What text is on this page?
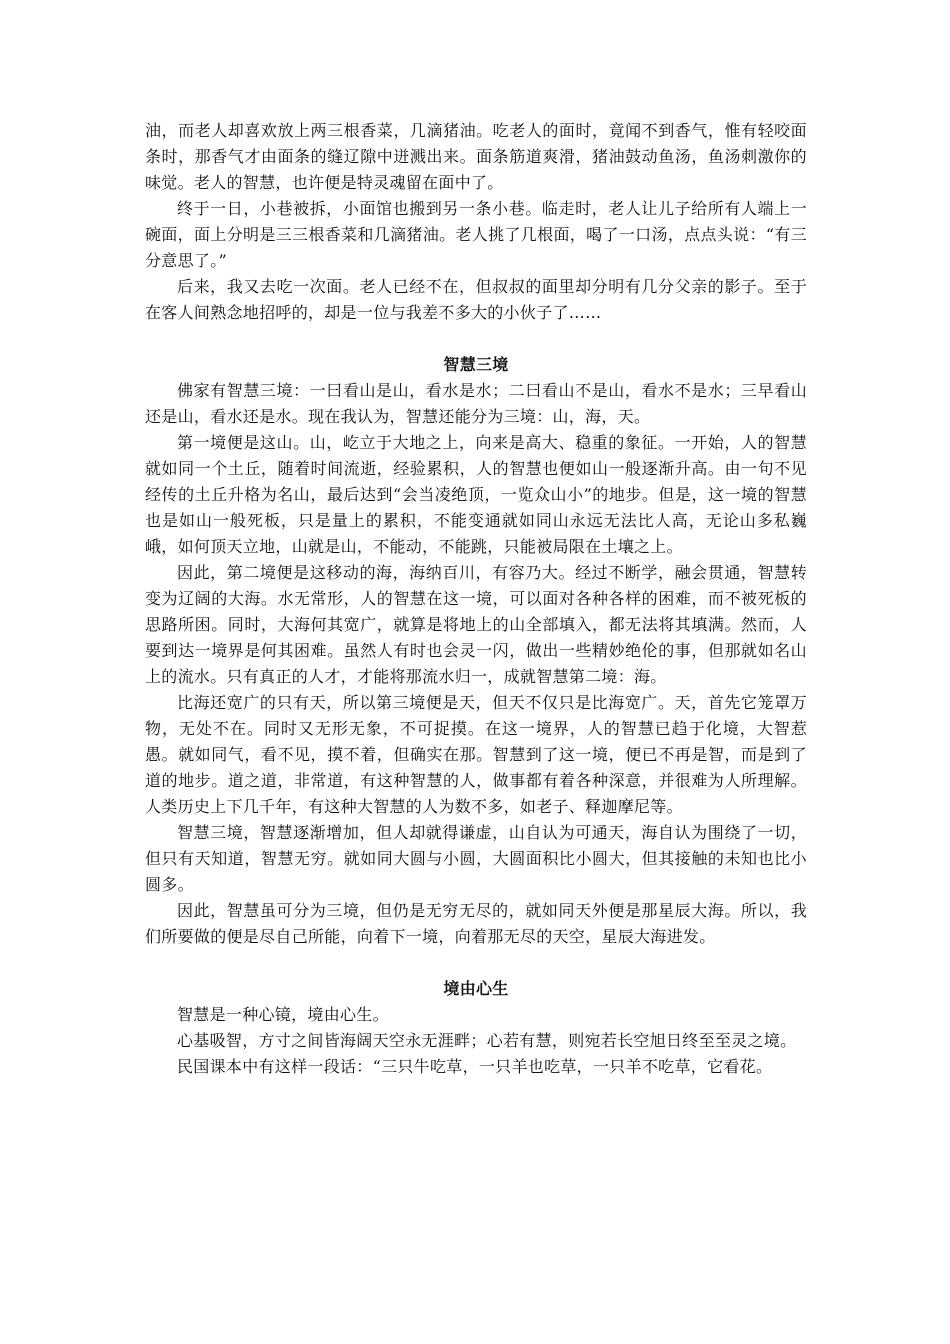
油，而老人却喜欢放上两三根香菜，几滴猪油。吃老人的面时，竟闻不到香气，惟有轻咬面条时，那香气才由面条的缝辽隙中迸溅出来。面条筋道爽滑，猪油鼓动鱼汤，鱼汤刺激你的味觉。老人的智慧，也许便是特灵魂留在面中了。

终于一日，小巷被拆，小面馆也搬到另一条小巷。临走时，老人让儿子给所有人端上一碗面，面上分明是三三根香菜和几滴猪油。老人挑了几根面，喝了一口汤，点点头说：“有三分意思了。”

后来，我又去吃一次面。老人已经不在，但叔叔的面里却分明有几分父亲的影子。至于在客人间熟念地招呼的，却是一位与我差不多大的小伙子了……

智慧三境

佛家有智慧三境：一曰看山是山，看水是水；二曰看山不是山，看水不是水；三早看山还是山，看水还是水。现在我认为，智慧还能分为三境：山，海，天。

第一境便是这山。山，屹立于大地之上，向来是高大、稳重的象征。一开始，人的智慧就如同一个土丘，随着时间流逝，经验累积，人的智慧也便如山一般逐渐升高。由一句不见经传的土丘升格为名山，最后达到“会当凌绝顶，一览众山小”的地步。但是，这一境的智慧也是如山一般死板，只是量上的累积，不能变通就如同山永远无法比人高，无论山多私巍峨，如何顶天立地，山就是山，不能动，不能跳，只能被局限在土壤之上。

因此，第二境便是这移动的海，海纳百川，有容乃大。经过不断学，融会贯通，智慧转变为辽阔的大海。水无常形，人的智慧在这一境，可以面对各种各样的困难，而不被死板的思路所困。同时，大海何其宽广，就算是将地上的山全部填入，都无法将其填满。然而，人要到达一境界是何其困难。虽然人有时也会灵一闪，做出一些精妙绝伦的事，但那就如名山上的流水。只有真正的人才，才能将那流水归一，成就智慧第二境：海。

比海还宽广的只有天，所以第三境便是天，但天不仅只是比海宽广。天，首先它笼罩万物，无处不在。同时又无形无象，不可捉摸。在这一境界，人的智慧已趋于化境，大智惹愚。就如同气，看不见，摸不着，但确实在那。智慧到了这一境，便已不再是智，而是到了道的地步。道之道，非常道，有这种智慧的人，做事都有着各种深意，并很难为人所理解。人类历史上下几千年，有这种大智慧的人为数不多，如老子、释迦摩尼等。

智慧三境，智慧逐渐增加，但人却就得谦虚，山自认为可通天，海自认为围绕了一切，但只有天知道，智慧无穷。就如同大圆与小圆，大圆面积比小圆大，但其接触的未知也比小圆多。

因此，智慧虽可分为三境，但仍是无穷无尽的，就如同天外便是那星辰大海。所以，我们所要做的便是尽自己所能，向着下一境，向着那无尽的天空，星辰大海进发。

境由心生

智慧是一种心镜，境由心生。

心基吸智，方寸之间皆海阔天空永无涯畔；心若有慧，则宛若长空旭日终至至灵之境。

民国课本中有这样一段话：“三只牛吃草，一只羊也吃草，一只羊不吃草，它看花。
